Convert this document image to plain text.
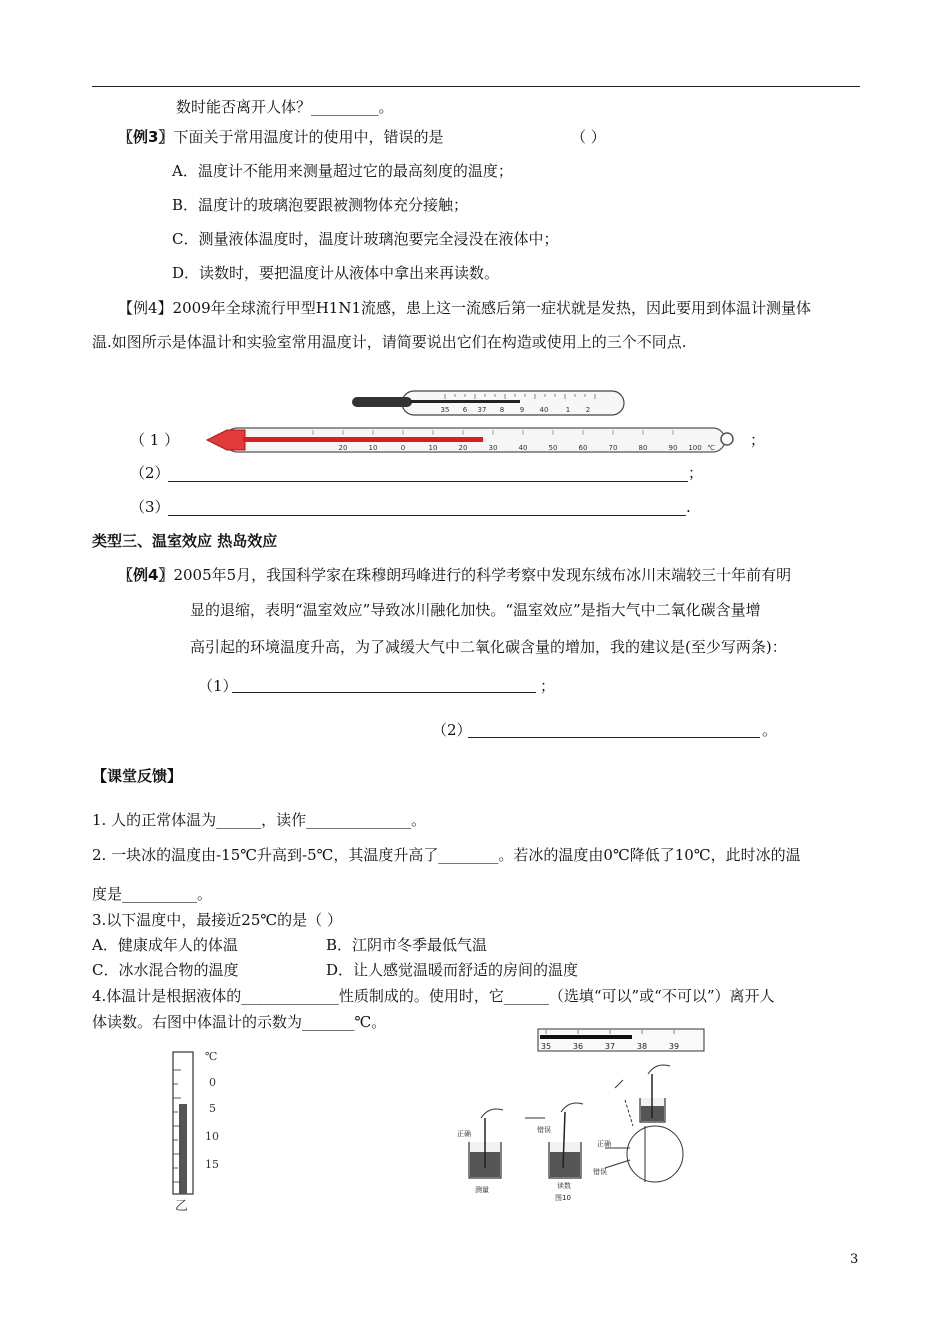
数时能否离开人体？_________。
〖例3〗下面关于常用温度计的使用中，错误的是	（ ）
A．温度计不能用来测量超过它的最高刻度的温度；
B．温度计的玻璃泡要跟被测物体充分接触；
C．测量液体温度时，温度计玻璃泡要完全浸没在液体中；
D．读数时，要把温度计从液体中拿出来再读数。
【例4】2009年全球流行甲型H1N1流感，患上这一流感后第一症状就是发热，因此要用到体温计测量体
温.如图所示是体温计和实验室常用温度计，请简要说出它们在构造或使用上的三个不同点.
35 6 37 8 9 40 1 2
（ 1 ）	20	10	0	10	20	30	40	50	60	70	80	90 100 ℃ ；
（2）	；
（3）	.
类型三、温室效应 热岛效应
〖例4〗2005年5月，我国科学家在珠穆朗玛峰进行的科学考察中发现东绒布冰川末端较三十年前有明
显的退缩，表明“温室效应”导致冰川融化加快。“温室效应”是指大气中二氧化碳含量增
高引起的环境温度升高，为了减缓大气中二氧化碳含量的增加，我的建议是(至少写两条)：
（1）	；
（2）	。
【课堂反馈】
1. 人的正常体温为______，读作______________。
2. 一块冰的温度由-15℃升高到-5℃，其温度升高了________。若冰的温度由0℃降低了10℃，此时冰的温
度是__________。
3.以下温度中，最接近25℃的是（ ）
A．健康成年人的体温	B．江阴市冬季最低气温
C．冰水混合物的温度	D．让人感觉温暖而舒适的房间的温度
4.体温计是根据液体的_____________性质制成的。使用时，它______（选填“可以”或“不可以”）离开人
体读数。右图中体温计的示数为_______℃。
℃
0
5
10
15
乙
35	36	37	38	39
正确	错误
正确
错误
测量	读数
图10
3
